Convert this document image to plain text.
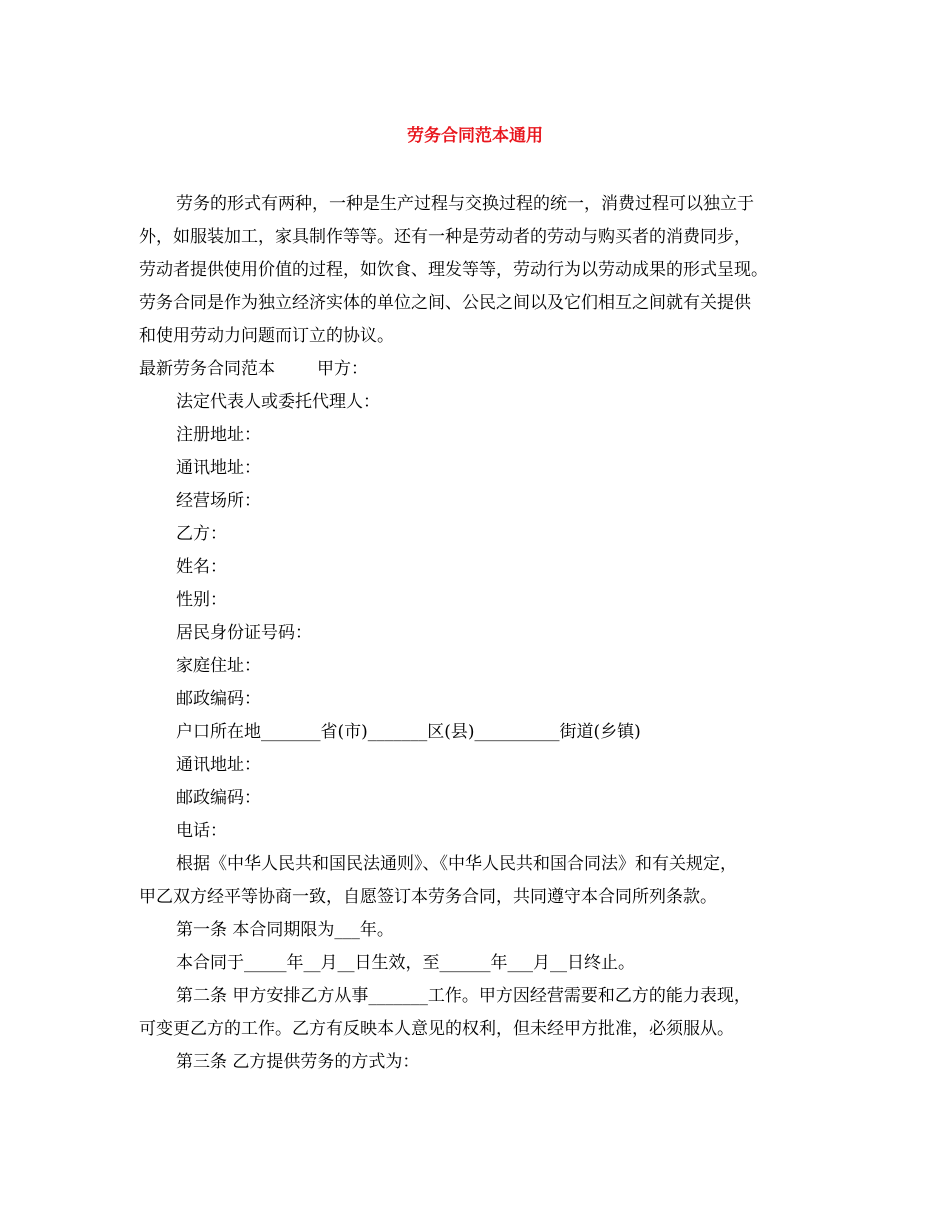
劳务合同范本通用
劳务的形式有两种，一种是生产过程与交换过程的统一，消费过程可以独立于
外，如服装加工，家具制作等等。还有一种是劳动者的劳动与购买者的消费同步，
劳动者提供使用价值的过程，如饮食、理发等等，劳动行为以劳动成果的形式呈现。
劳务合同是作为独立经济实体的单位之间、公民之间以及它们相互之间就有关提供
和使用劳动力问题而订立的协议。
最新劳务合同范本 甲方：
法定代表人或委托代理人：
注册地址：
通讯地址：
经营场所：
乙方：
姓名：
性别：
居民身份证号码：
家庭住址：
邮政编码：
户口所在地_______省(市)_______区(县)__________街道(乡镇)
通讯地址：
邮政编码：
电话：
根据《中华人民共和国民法通则》、《中华人民共和国合同法》和有关规定，
甲乙双方经平等协商一致，自愿签订本劳务合同，共同遵守本合同所列条款。
第一条 本合同期限为___年。
本合同于_____年__月__日生效，至______年___月__日终止。
第二条 甲方安排乙方从事_______工作。甲方因经营需要和乙方的能力表现，
可变更乙方的工作。乙方有反映本人意见的权利，但未经甲方批准，必须服从。
第三条 乙方提供劳务的方式为：
